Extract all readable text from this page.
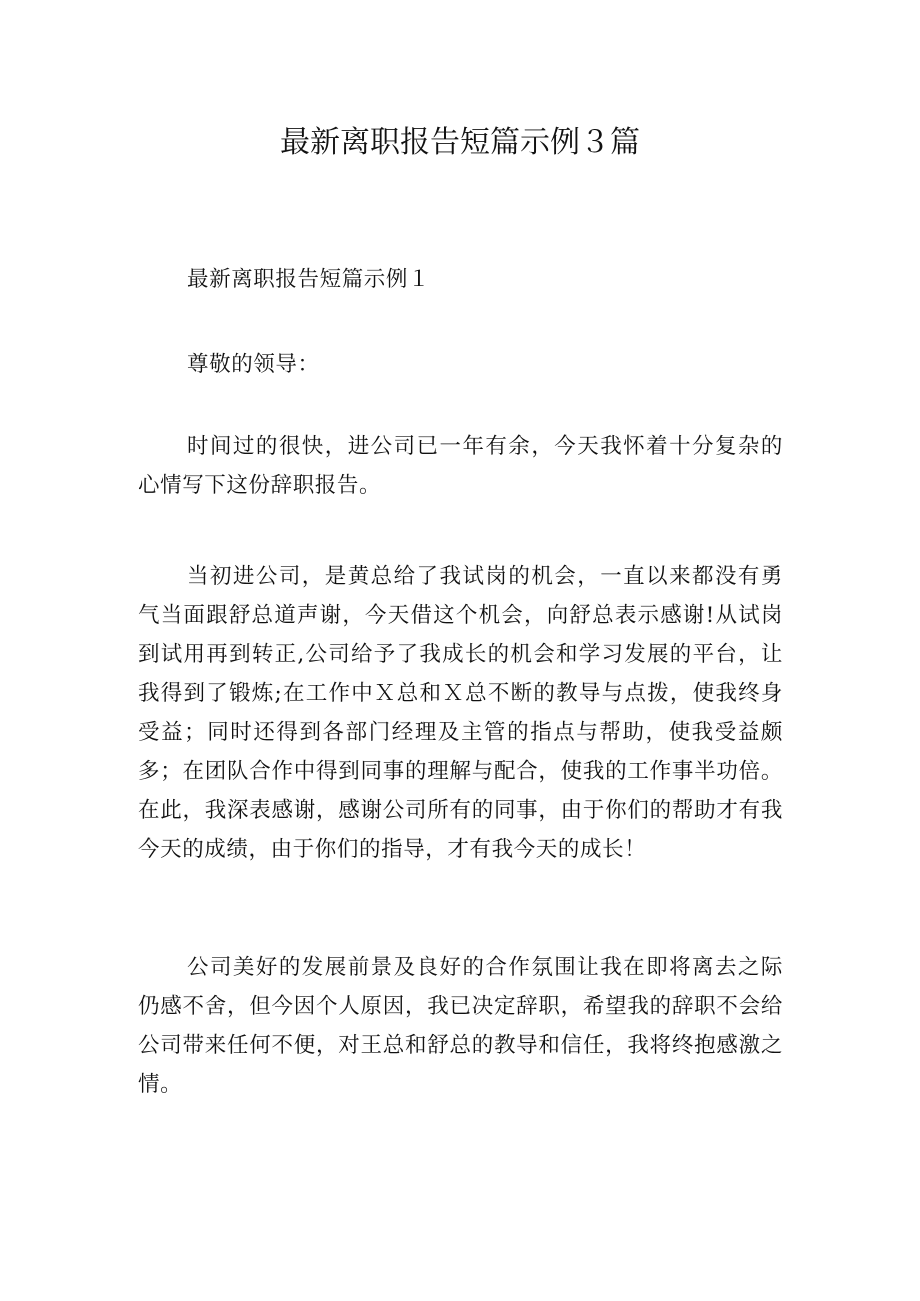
最新离职报告短篇示例３篇

最新离职报告短篇示例１

尊敬的领导：

时间过的很快，进公司已一年有余，今天我怀着十分复杂的心情写下这份辞职报告。

当初进公司，是黄总给了我试岗的机会，一直以来都没有勇气当面跟舒总道声谢，今天借这个机会，向舒总表示感谢!从试岗到试用再到转正,公司给予了我成长的机会和学习发展的平台，让我得到了锻炼;在工作中Ｘ总和Ｘ总不断的教导与点拨，使我终身受益；同时还得到各部门经理及主管的指点与帮助，使我受益颇多；在团队合作中得到同事的理解与配合，使我的工作事半功倍。在此，我深表感谢，感谢公司所有的同事，由于你们的帮助才有我今天的成绩，由于你们的指导，才有我今天的成长！

公司美好的发展前景及良好的合作氛围让我在即将离去之际仍感不舍，但今因个人原因，我已决定辞职，希望我的辞职不会给公司带来任何不便，对王总和舒总的教导和信任，我将终抱感激之情。
